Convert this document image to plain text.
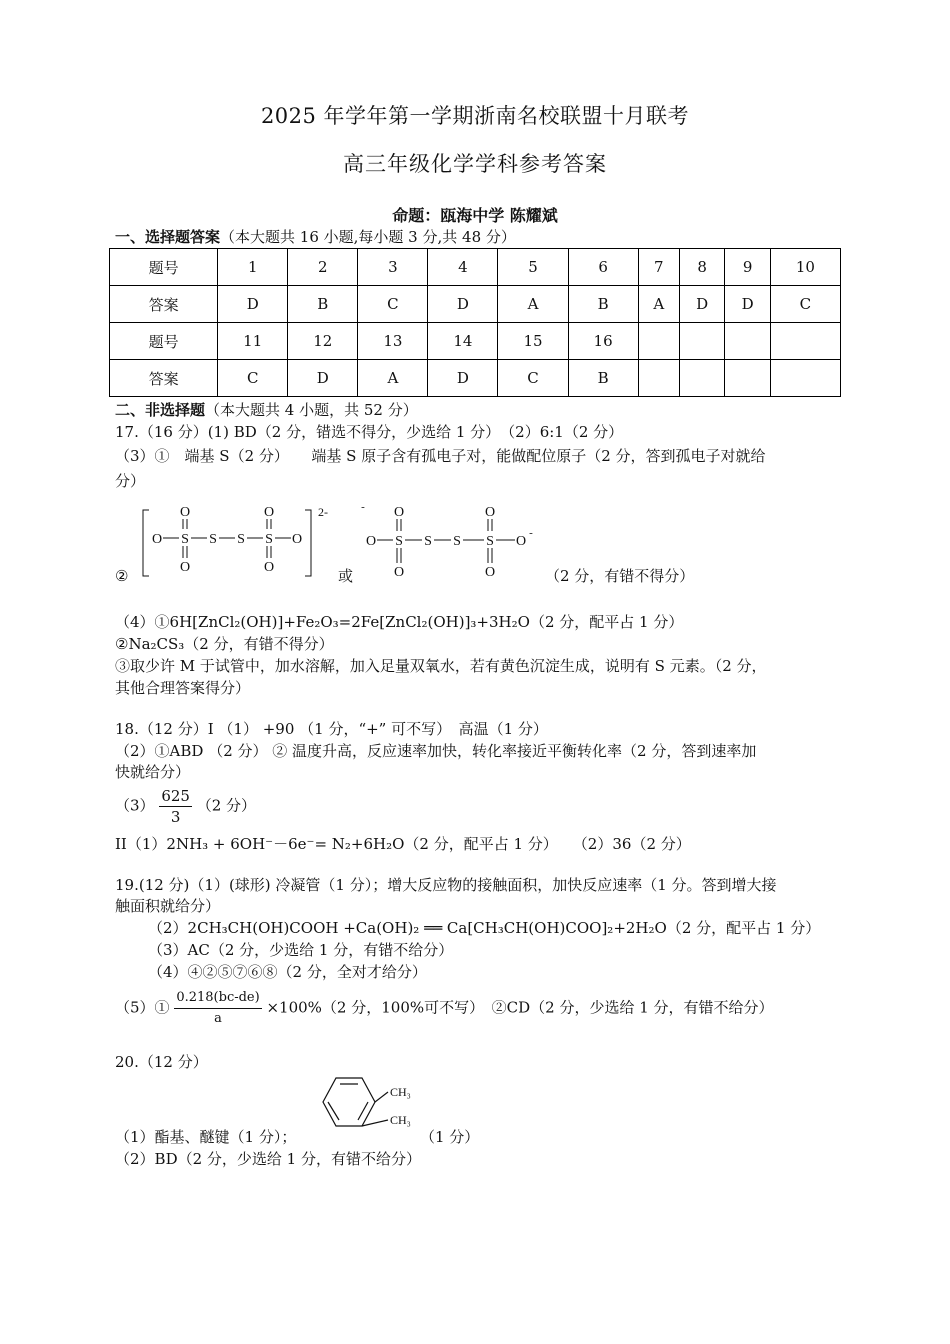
2025 年学年第一学期浙南名校联盟十月联考
高三年级化学学科参考答案
命题：瓯海中学 陈耀斌
一、选择题答案（本大题共 16 小题,每小题 3 分,共 48 分）
题号	1	2	3	4	5	6	7	8	9	10
答案	D	B	C	D	A	B	A	D	D	C
题号	11	12	13	14	15	16				
答案	C	D	A	D	C	B				
二、非选择题（本大题共 4 小题，共 52 分）
17.（16 分）(1) BD（2 分，错选不得分，少选给 1 分）　（2）6:1（2 分）
（3）①　端基 S（2 分）　　端基 S 原子含有孤电子对，能做配位原子（2 分，答到孤电子对就给
分）
②
2-
O S
O
O
S S S
O
O
O
-
O S
O
O
S S S
O
O
O
-
或	（2 分，有错不得分）
（4）①6H[ZnCl₂(OH)]+Fe₂O₃=2Fe[ZnCl₂(OH)]₃+3H₂O（2 分，配平占 1 分）
②Na₂CS₃（2 分，有错不得分）
③取少许 M 于试管中，加水溶解，加入足量双氧水，若有黄色沉淀生成，说明有 S 元素。（2 分，
其他合理答案得分）
18.（12 分）I （1） +90 （1 分，“+” 可不写）　高温（1 分）
（2）①ABD （2 分） ② 温度升高，反应速率加快，转化率接近平衡转化率（2 分，答到速率加
快就给分）
$(3) \frac{625}{3} (2$ 分）
II（1）2NH₃ + 6OH⁻－6e⁻= N₂+6H₂O（2 分，配平占 1 分）　　（2）36（2 分）
19.(12 分)（1）(球形) 冷凝管（1 分）；增大反应物的接触面积，加快反应速率（1 分。答到增大接
触面积就给分）
（2）2CH₃CH(OH)COOH +Ca(OH)₂ ══ Ca[CH₃CH(OH)COO]₂+2H₂O（2 分，配平占 1 分）
（3）AC（2 分，少选给 1 分，有错不给分）
（4）④②⑤⑦⑥⑧（2 分，全对才给分）
（5）① $\frac{0.218(bc-de)}{a} \times 100\%(2$ 分，100%可不写）　②CD（2 分，少选给 1 分，有错不给分）
20.（12 分）
（1）酯基、醚键（1 分）；
CH₃
CH₃
（1 分）
（2）BD（2 分，少选给 1 分，有错不给分）
